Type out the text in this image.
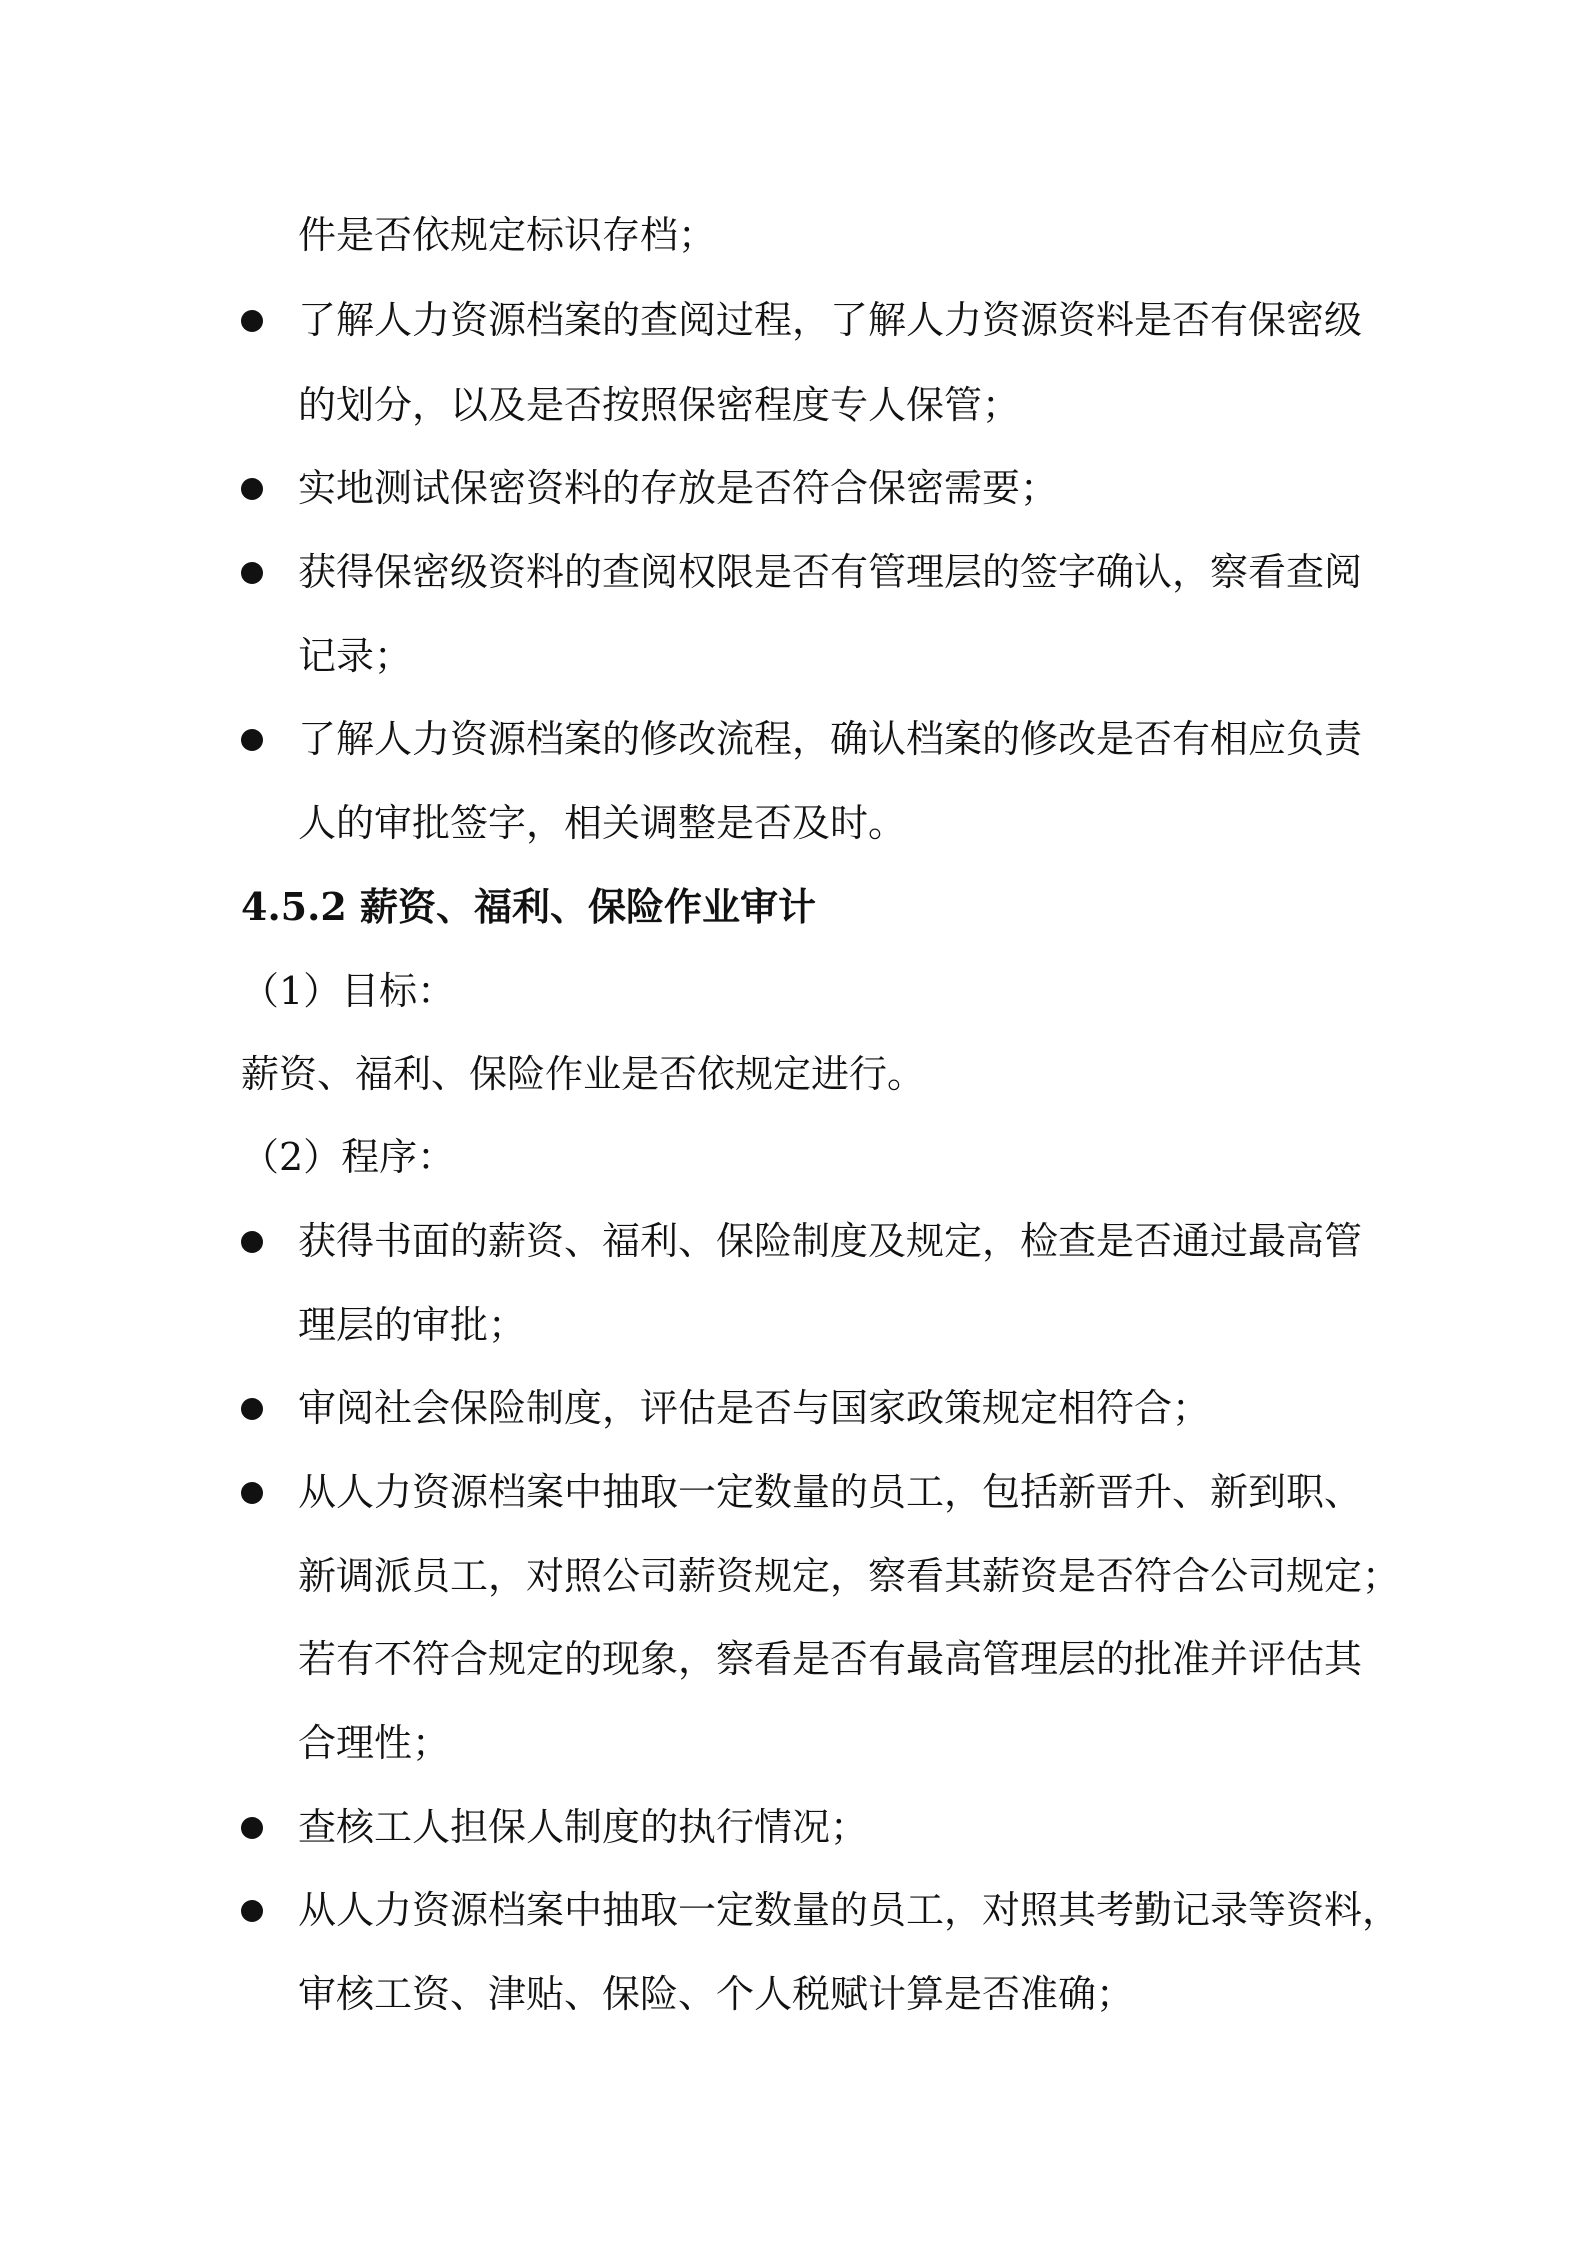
件是否依规定标识存档；
了解人力资源档案的查阅过程，了解人力资源资料是否有保密级
的划分，以及是否按照保密程度专人保管；
实地测试保密资料的存放是否符合保密需要；
获得保密级资料的查阅权限是否有管理层的签字确认，察看查阅
记录；
了解人力资源档案的修改流程，确认档案的修改是否有相应负责
人的审批签字，相关调整是否及时。
4.5.2 薪资、福利、保险作业审计
（1）目标：
薪资、福利、保险作业是否依规定进行。
（2）程序：
获得书面的薪资、福利、保险制度及规定，检查是否通过最高管
理层的审批；
审阅社会保险制度，评估是否与国家政策规定相符合；
从人力资源档案中抽取一定数量的员工，包括新晋升、新到职、
新调派员工，对照公司薪资规定，察看其薪资是否符合公司规定；
若有不符合规定的现象，察看是否有最高管理层的批准并评估其
合理性；
查核工人担保人制度的执行情况；
从人力资源档案中抽取一定数量的员工，对照其考勤记录等资料，
审核工资、津贴、保险、个人税赋计算是否准确；
